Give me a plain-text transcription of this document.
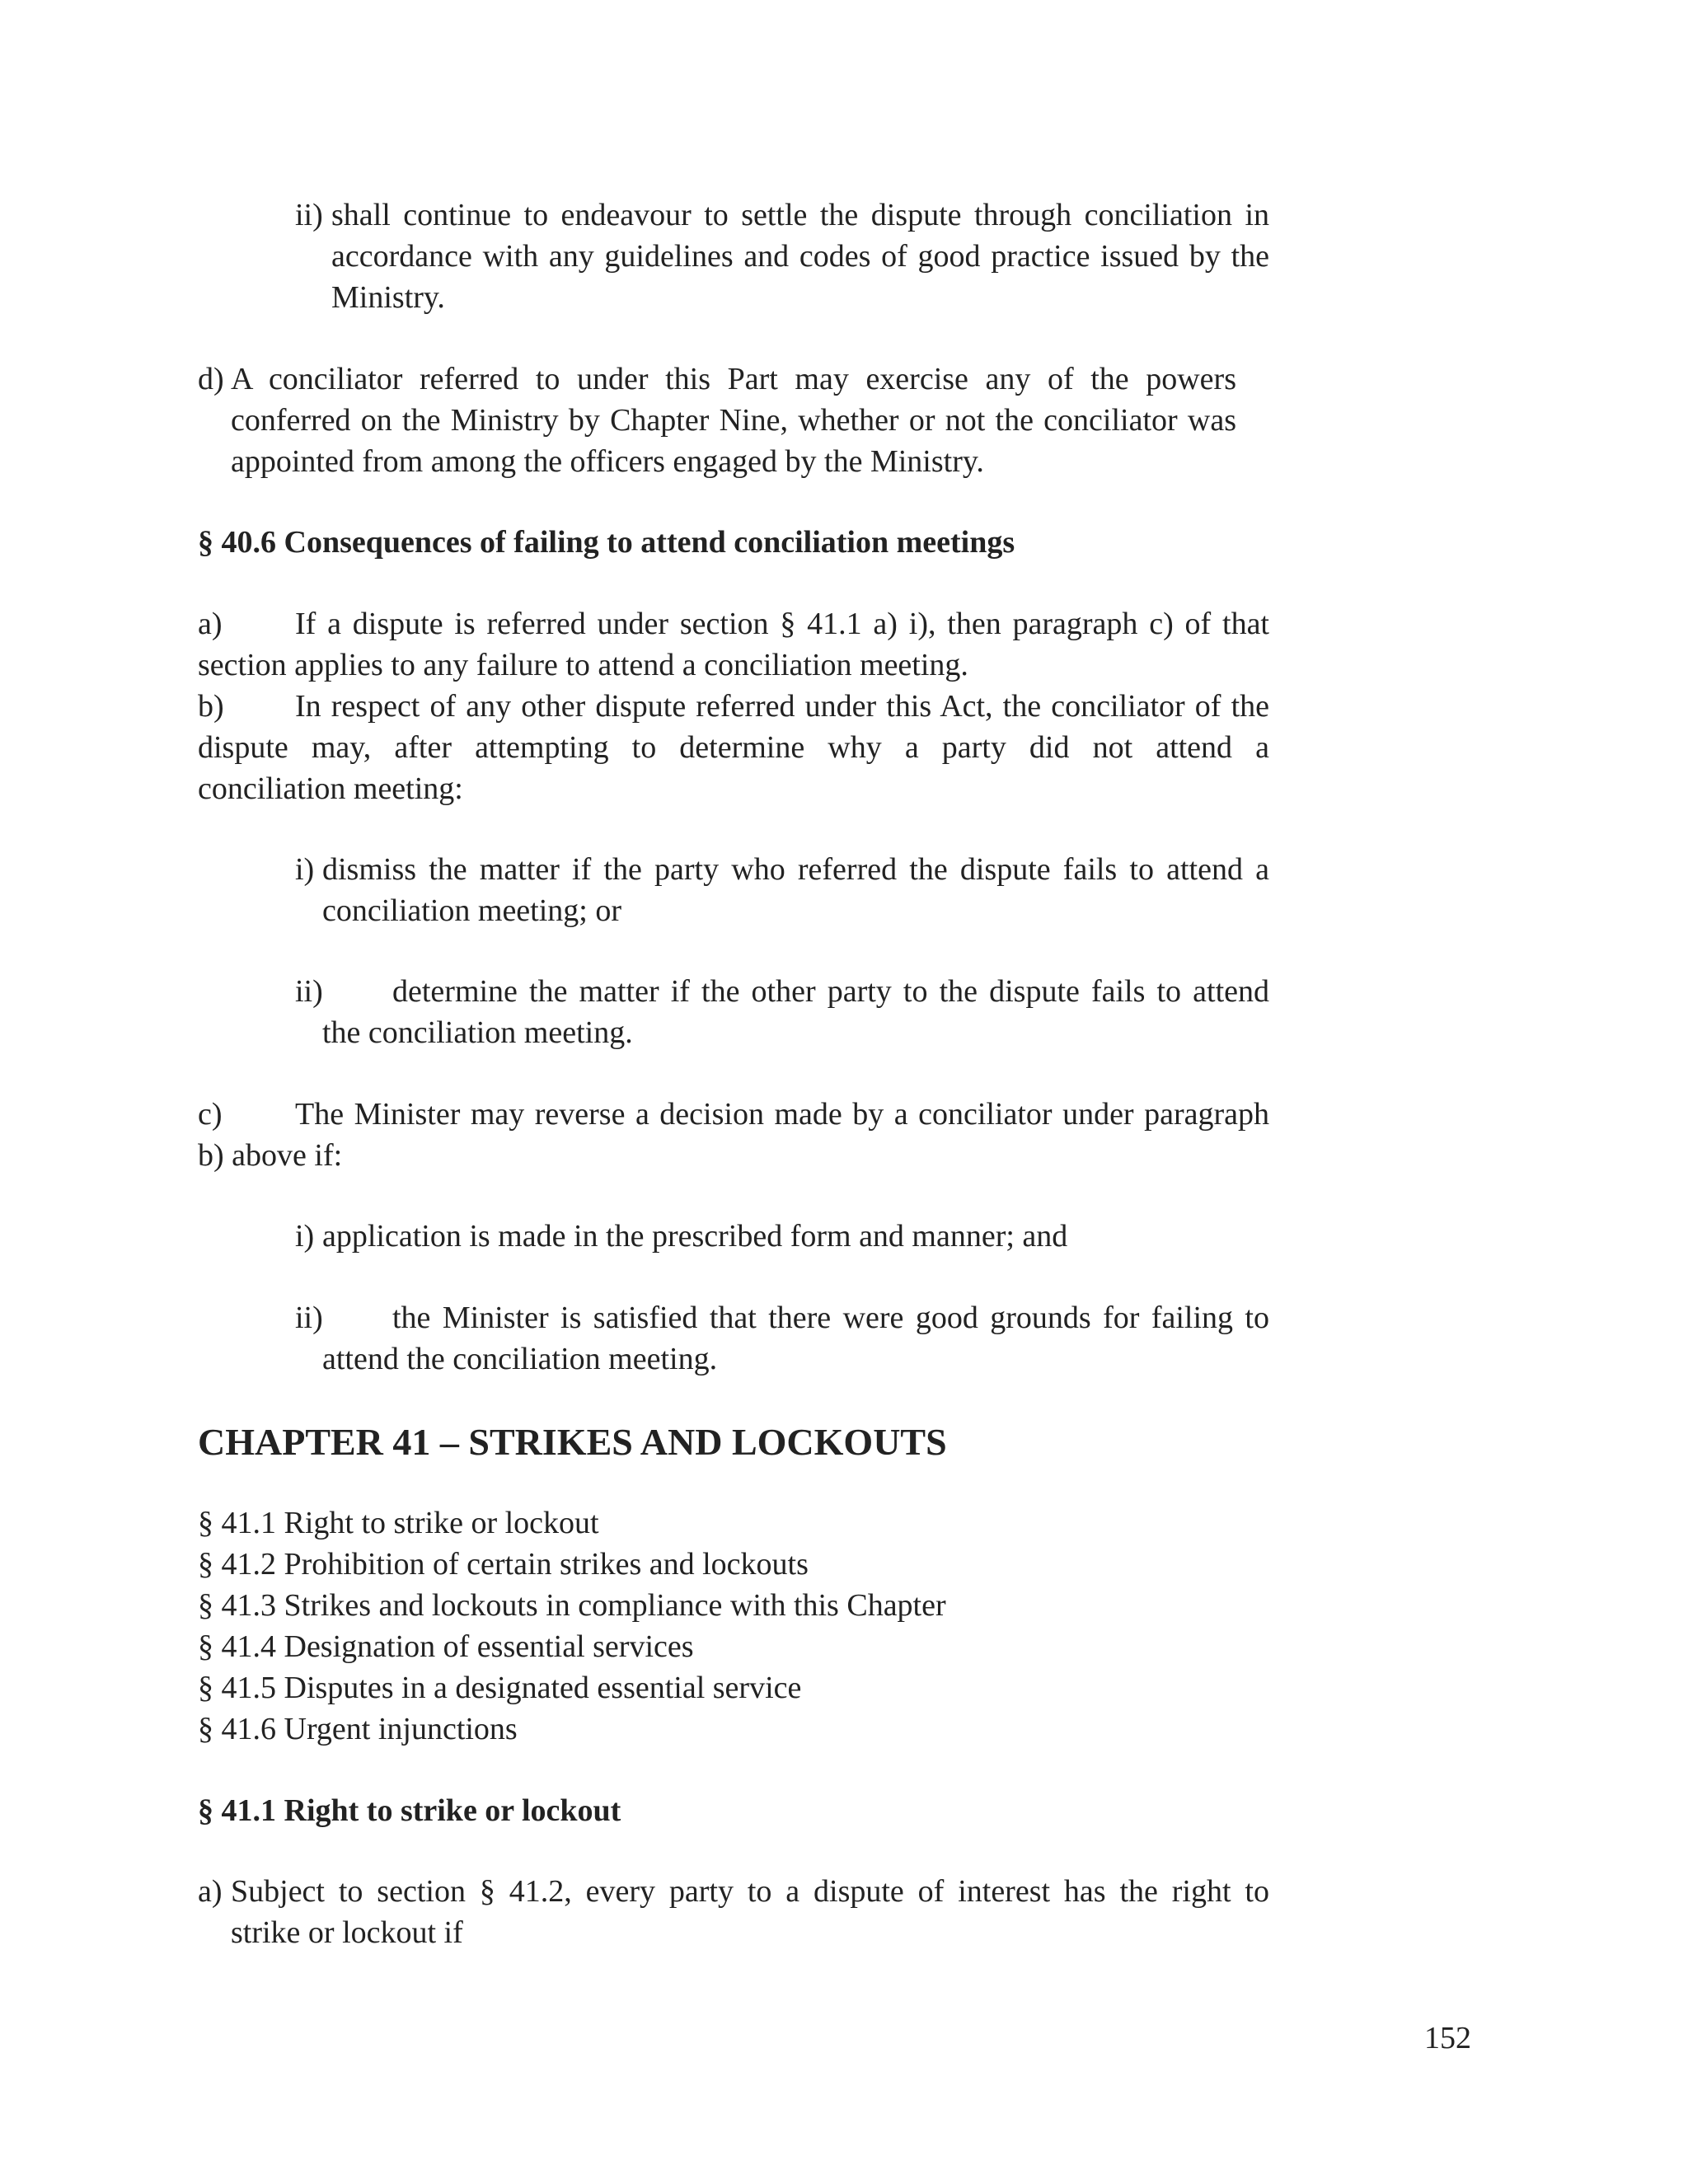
ii) shall continue to endeavour to settle the dispute through conciliation in
accordance with any guidelines and codes of good practice issued by the
Ministry.
d) A conciliator referred to under this Part may exercise any of the powers
conferred on the Ministry by Chapter Nine, whether or not the conciliator was
appointed from among the officers engaged by the Ministry.
§ 40.6 Consequences of failing to attend conciliation meetings
a) If a dispute is referred under section § 41.1 a) i), then paragraph c) of that
section applies to any failure to attend a conciliation meeting.
b) In respect of any other dispute referred under this Act, the conciliator of the
dispute may, after attempting to determine why a party did not attend a
conciliation meeting:
i) dismiss the matter if the party who referred the dispute fails to attend a
conciliation meeting; or
ii) determine the matter if the other party to the dispute fails to attend
the conciliation meeting.
c) The Minister may reverse a decision made by a conciliator under paragraph
b) above if:
i) application is made in the prescribed form and manner; and
ii) the Minister is satisfied that there were good grounds for failing to
attend the conciliation meeting.
CHAPTER 41 – STRIKES AND LOCKOUTS
§ 41.1 Right to strike or lockout
§ 41.2 Prohibition of certain strikes and lockouts
§ 41.3 Strikes and lockouts in compliance with this Chapter
§ 41.4 Designation of essential services
§ 41.5 Disputes in a designated essential service
§ 41.6 Urgent injunctions
§ 41.1 Right to strike or lockout
a) Subject to section § 41.2, every party to a dispute of interest has the right to
strike or lockout if
152
